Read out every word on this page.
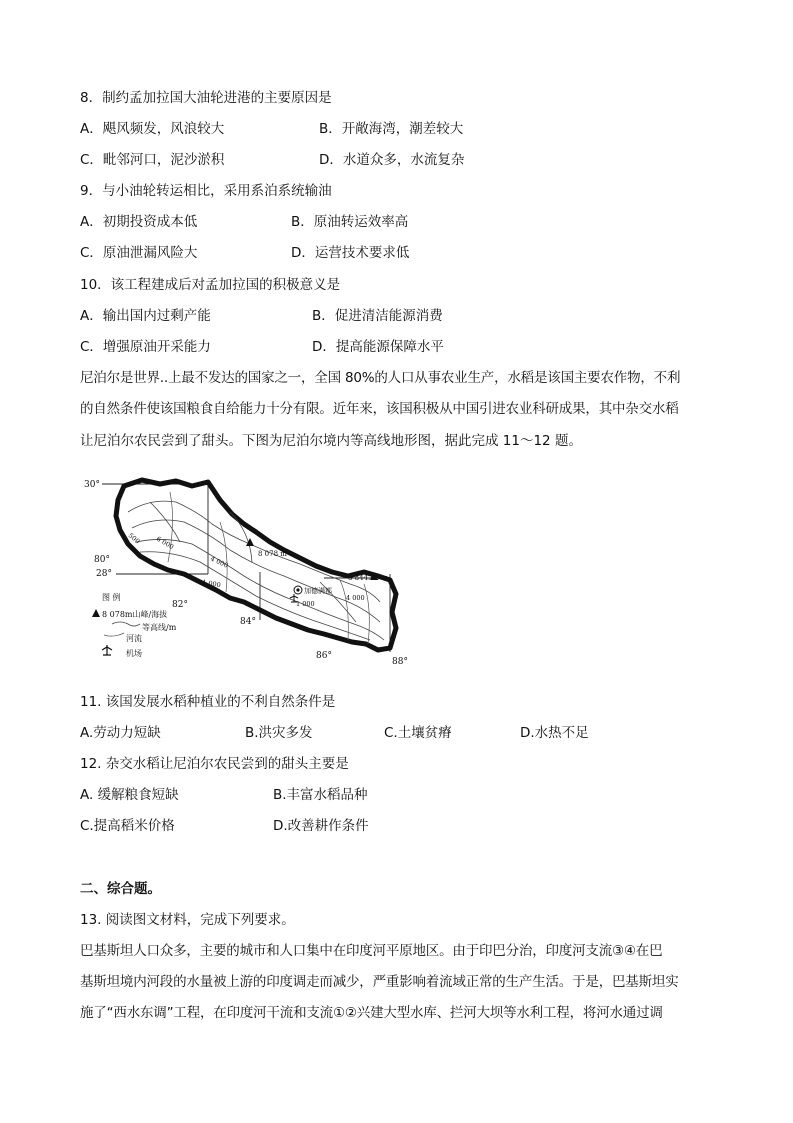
8．制约孟加拉国大油轮进港的主要原因是

A．飓风频发，风浪较大	B．开敞海湾，潮差较大
C．毗邻河口，泥沙淤积	D．水道众多，水流复杂

9．与小油轮转运相比，采用系泊系统输油

A．初期投资成本低	B．原油转运效率高
C．原油泄漏风险大	D．运营技术要求低

10．该工程建成后对孟加拉国的积极意义是

A．输出国内过剩产能	B．促进清洁能源消费
C．增强原油开采能力	D．提高能源保障水平

尼泊尔是世界..上最不发达的国家之一，全国 80%的人口从事农业生产，水稻是该国主要农作物，不利

的自然条件使该国粮食自给能力十分有限。近年来，该国积极从中国引进农业科研成果，其中杂交水稻

让尼泊尔农民尝到了甜头。下图为尼泊尔境内等高线地形图，据此完成 11～12 题。

30°
28°
80°
82°
84°
86°
88°
6 000
4 000
500
1 000
4 000
1 000
8 078 m
8 844.43 m
加德满都
图 例
8 078m山峰/海拔
等高线/m
河流
机场

11. 该国发展水稻种植业的不利自然条件是

A.劳动力短缺	B.洪灾多发	C.土壤贫瘠	D.水热不足

12. 杂交水稻让尼泊尔农民尝到的甜头主要是

A. 缓解粮食短缺	B.丰富水稻品种
C.提高稻米价格	D.改善耕作条件

二、综合题。

13. 阅读图文材料，完成下列要求。

巴基斯坦人口众多，主要的城市和人口集中在印度河平原地区。由于印巴分治，印度河支流③④在巴

基斯坦境内河段的水量被上游的印度调走而减少，严重影响着流域正常的生产生活。于是，巴基斯坦实

施了“西水东调”工程，在印度河干流和支流①②兴建大型水库、拦河大坝等水利工程，将河水通过调
